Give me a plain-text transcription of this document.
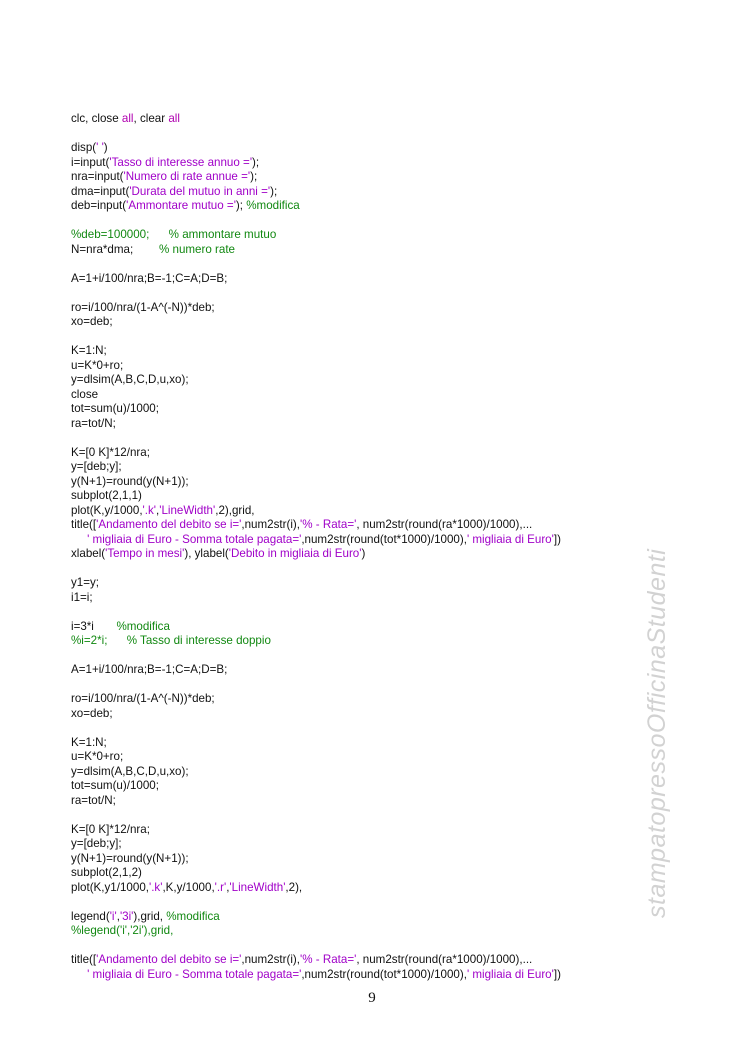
clc, close all, clear all
disp(' ')
i=input('Tasso di interesse annuo =');
nra=input('Numero di rate annue =');
dma=input('Durata del mutuo in anni =');
deb=input('Ammontare mutuo ='); %modifica
%deb=100000;      % ammontare mutuo
N=nra*dma;        % numero rate
A=1+i/100/nra;B=-1;C=A;D=B;
ro=i/100/nra/(1-A^(-N))*deb;
xo=deb;
K=1:N;
u=K*0+ro;
y=dlsim(A,B,C,D,u,xo);
close
tot=sum(u)/1000;
ra=tot/N;
K=[0 K]*12/nra;
y=[deb;y];
y(N+1)=round(y(N+1));
subplot(2,1,1)
plot(K,y/1000,'.k','LineWidth',2),grid,
title(['Andamento del debito se i=',num2str(i),'% - Rata=', num2str(round(ra*1000)/1000),...
' migliaia di Euro - Somma totale pagata=',num2str(round(tot*1000)/1000),' migliaia di Euro'])
xlabel('Tempo in mesi'), ylabel('Debito in migliaia di Euro')
y1=y;
i1=i;
i=3*i       %modifica
%i=2*i;      % Tasso di interesse doppio
A=1+i/100/nra;B=-1;C=A;D=B;
ro=i/100/nra/(1-A^(-N))*deb;
xo=deb;
K=1:N;
u=K*0+ro;
y=dlsim(A,B,C,D,u,xo);
tot=sum(u)/1000;
ra=tot/N;
K=[0 K]*12/nra;
y=[deb;y];
y(N+1)=round(y(N+1));
subplot(2,1,2)
plot(K,y1/1000,'.k',K,y/1000,'.r','LineWidth',2),
legend('i','3i'),grid, %modifica
%legend('i','2i'),grid,
title(['Andamento del debito se i=',num2str(i),'% - Rata=', num2str(round(ra*1000)/1000),...
' migliaia di Euro - Somma totale pagata=',num2str(round(tot*1000)/1000),' migliaia di Euro'])
9
stampatopressoOfficinaStudenti
